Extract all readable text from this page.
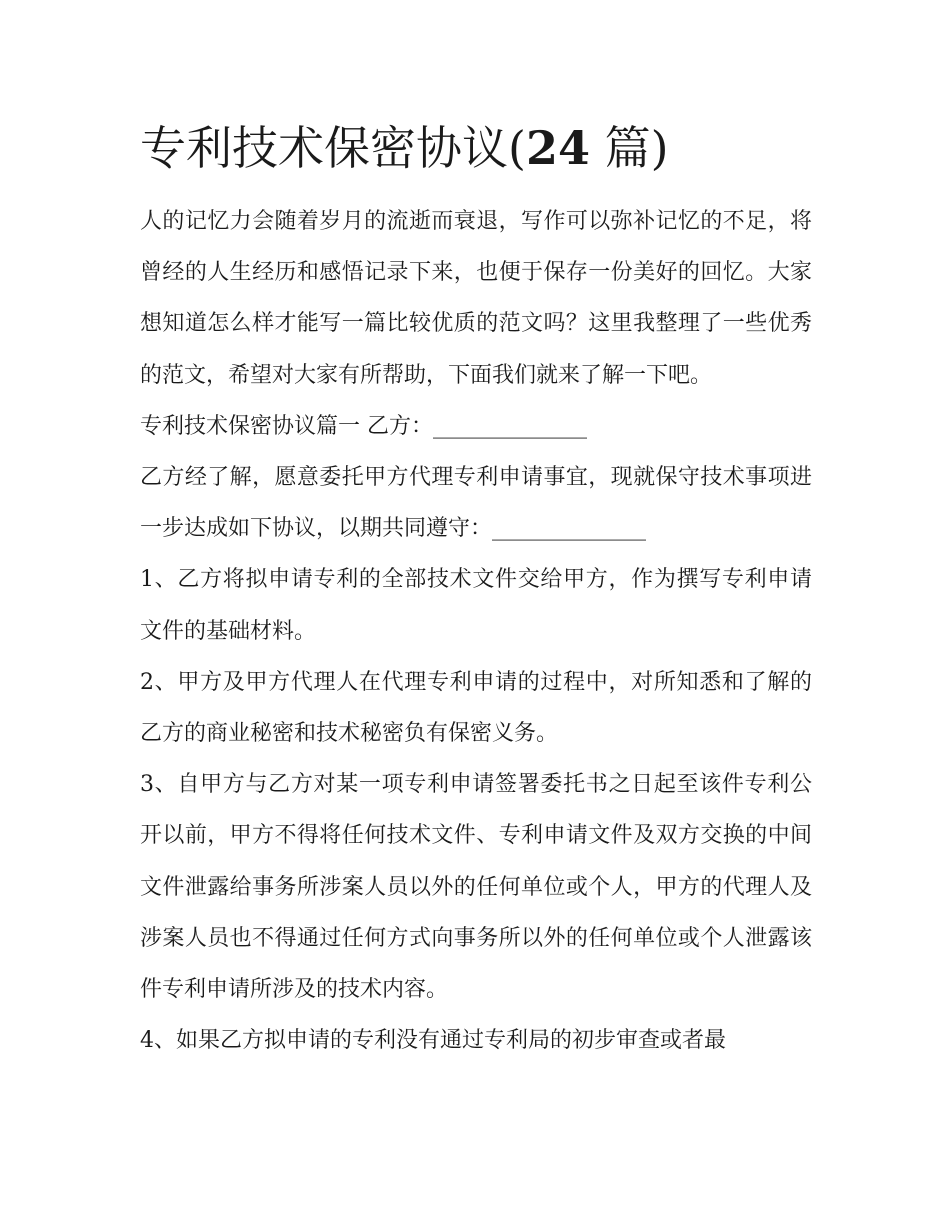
专利技术保密协议(24 篇)

人的记忆力会随着岁月的流逝而衰退，写作可以弥补记忆的不足，将曾经的人生经历和感悟记录下来，也便于保存一份美好的回忆。大家想知道怎么样才能写一篇比较优质的范文吗？这里我整理了一些优秀的范文，希望对大家有所帮助，下面我们就来了解一下吧。

专利技术保密协议篇一 乙方：______________

乙方经了解，愿意委托甲方代理专利申请事宜，现就保守技术事项进一步达成如下协议，以期共同遵守：______________

1、乙方将拟申请专利的全部技术文件交给甲方，作为撰写专利申请文件的基础材料。

2、甲方及甲方代理人在代理专利申请的过程中，对所知悉和了解的乙方的商业秘密和技术秘密负有保密义务。

3、自甲方与乙方对某一项专利申请签署委托书之日起至该件专利公开以前，甲方不得将任何技术文件、专利申请文件及双方交换的中间文件泄露给事务所涉案人员以外的任何单位或个人，甲方的代理人及涉案人员也不得通过任何方式向事务所以外的任何单位或个人泄露该件专利申请所涉及的技术内容。

4、如果乙方拟申请的专利没有通过专利局的初步审查或者最
